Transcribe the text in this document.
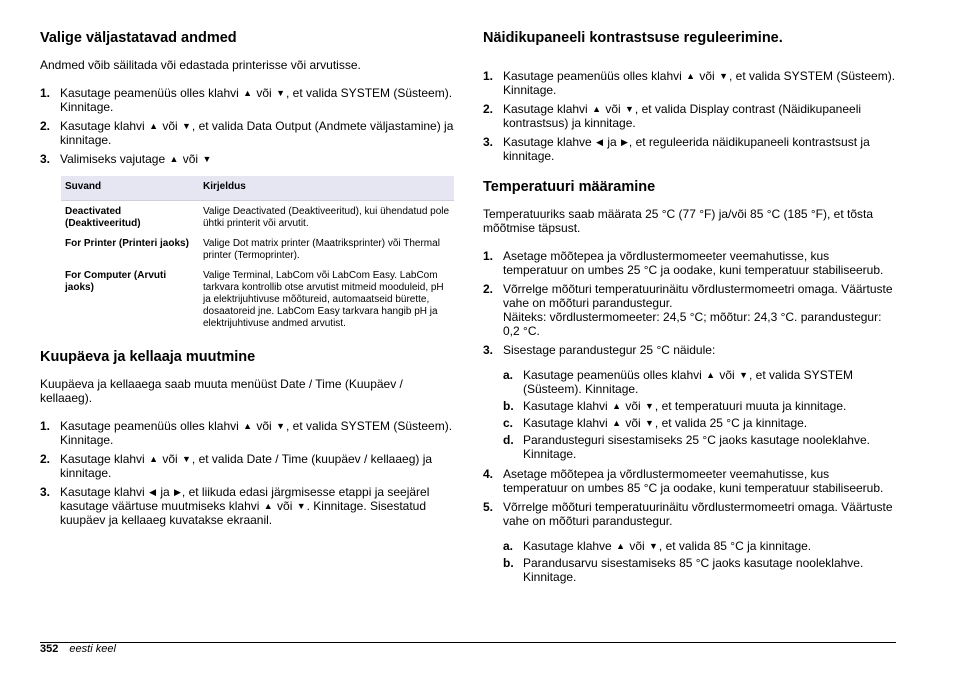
Valige väljastatavad andmed

Andmed võib säilitada või edastada printerisse või arvutisse.

1. Kasutage peamenüüs olles klahvi ▲ või ▼, et valida SYSTEM (Süsteem). Kinnitage.
2. Kasutage klahvi ▲ või ▼, et valida Data Output (Andmete väljastamine) ja kinnitage.
3. Valimiseks vajutage ▲ või ▼
Suvand	Kirjeldus
Deactivated (Deaktiveeritud)	Valige Deactivated (Deaktiveeritud), kui ühendatud pole ühtki printerit või arvutit.
For Printer (Printeri jaoks)	Valige Dot matrix printer (Maatriksprinter) või Thermal printer (Termoprinter).
For Computer (Arvuti jaoks)	Valige Terminal, LabCom või LabCom Easy. LabCom tarkvara kontrollib otse arvutist mitmeid mooduleid, pH ja elektrijuhtivuse mõõtureid, automaatseid bürette, dosaatoreid jne. LabCom Easy tarkvara hangib pH ja elektrijuhtivuse andmed arvutist.
Kuupäeva ja kellaaja muutmine

Kuupäeva ja kellaaega saab muuta menüüst Date / Time (Kuupäev / kellaaeg).

1. Kasutage peamenüüs olles klahvi ▲ või ▼, et valida SYSTEM (Süsteem). Kinnitage.
2. Kasutage klahvi ▲ või ▼, et valida Date / Time (kuupäev / kellaaeg) ja kinnitage.
3. Kasutage klahvi ◀ ja ▶, et liikuda edasi järgmisesse etappi ja seejärel kasutage väärtuse muutmiseks klahvi ▲ või ▼. Kinnitage. Sisestatud kuupäev ja kellaaeg kuvatakse ekraanil.
Näidikupaneeli kontrastsuse reguleerimine.
1. Kasutage peamenüüs olles klahvi ▲ või ▼, et valida SYSTEM (Süsteem). Kinnitage.
2. Kasutage klahvi ▲ või ▼, et valida Display contrast (Näidikupaneeli kontrastsus) ja kinnitage.
3. Kasutage klahve ◀ ja ▶, et reguleerida näidikupaneeli kontrastsust ja kinnitage.
Temperatuuri määramine

Temperatuuriks saab määrata 25 °C (77 °F) ja/või 85 °C (185 °F), et tõsta mõõtmise täpsust.

1. Asetage mõõtepea ja võrdlustermomeeter veemahutisse, kus temperatuur on umbes 25 °C ja oodake, kuni temperatuur stabiliseerub.
2. Võrrelge mõõturi temperatuurinäitu võrdlustermomeetri omaga. Väärtuste vahe on mõõturi parandustegur.
Näiteks: võrdlustermomeeter: 24,5 °C; mõõtur: 24,3 °C. parandustegur: 0,2 °C.
3. Sisestage parandustegur 25 °C näidule:
a. Kasutage peamenüüs olles klahvi ▲ või ▼, et valida SYSTEM (Süsteem). Kinnitage.
b. Kasutage klahvi ▲ või ▼, et temperatuuri muuta ja kinnitage.
c. Kasutage klahvi ▲ või ▼, et valida 25 °C ja kinnitage.
d. Parandusteguri sisestamiseks 25 °C jaoks kasutage nooleklahve. Kinnitage.
4. Asetage mõõtepea ja võrdlustermomeeter veemahutisse, kus temperatuur on umbes 85 °C ja oodake, kuni temperatuur stabiliseerub.
5. Võrrelge mõõturi temperatuurinäitu võrdlustermomeetri omaga. Väärtuste vahe on mõõturi parandustegur.
a. Kasutage klahve ▲ või ▼, et valida 85 °C ja kinnitage.
b. Parandusarvu sisestamiseks 85 °C jaoks kasutage nooleklahve. Kinnitage.
352 eesti keel
